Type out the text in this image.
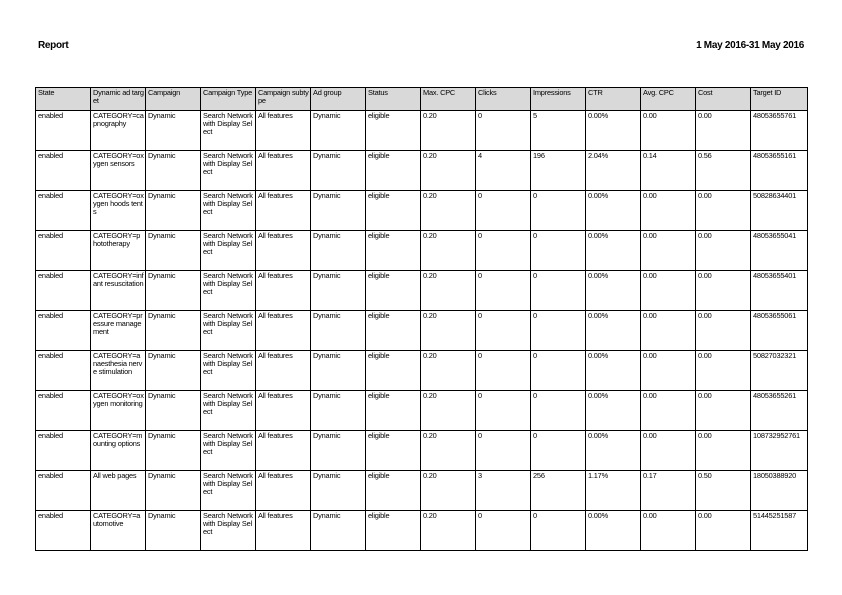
Report	1 May 2016-31 May 2016
State	Dynamic ad target	Campaign	Campaign Type	Campaign subtype	Ad group	Status	Max. CPC	Clicks	Impressions	CTR	Avg. CPC	Cost	Target ID

enabled	CATEGORY=capnography	Dynamic	Search Network with Display Select	All features	Dynamic	eligible	0.20	0	5	0.00%	0.00	0.00	48053655761

enabled	CATEGORY=oxygen sensors	Dynamic	Search Network with Display Select	All features	Dynamic	eligible	0.20	4	196	2.04%	0.14	0.56	48053655161

enabled	CATEGORY=oxygen hoods tents	Dynamic	Search Network with Display Select	All features	Dynamic	eligible	0.20	0	0	0.00%	0.00	0.00	50828634401

enabled	CATEGORY=phototherapy	Dynamic	Search Network with Display Select	All features	Dynamic	eligible	0.20	0	0	0.00%	0.00	0.00	48053655041

enabled	CATEGORY=infant resuscitation	Dynamic	Search Network with Display Select	All features	Dynamic	eligible	0.20	0	0	0.00%	0.00	0.00	48053655401

enabled	CATEGORY=pressure management	Dynamic	Search Network with Display Select	All features	Dynamic	eligible	0.20	0	0	0.00%	0.00	0.00	48053655061

enabled	CATEGORY=anaesthesia nerve stimulation	Dynamic	Search Network with Display Select	All features	Dynamic	eligible	0.20	0	0	0.00%	0.00	0.00	50827032321

enabled	CATEGORY=oxygen monitoring	Dynamic	Search Network with Display Select	All features	Dynamic	eligible	0.20	0	0	0.00%	0.00	0.00	48053655261

enabled	CATEGORY=mounting options	Dynamic	Search Network with Display Select	All features	Dynamic	eligible	0.20	0	0	0.00%	0.00	0.00	108732952761

enabled	All web pages	Dynamic	Search Network with Display Select	All features	Dynamic	eligible	0.20	3	256	1.17%	0.17	0.50	18050388920

enabled	CATEGORY=automotive	Dynamic	Search Network with Display Select	All features	Dynamic	eligible	0.20	0	0	0.00%	0.00	0.00	51445251587
